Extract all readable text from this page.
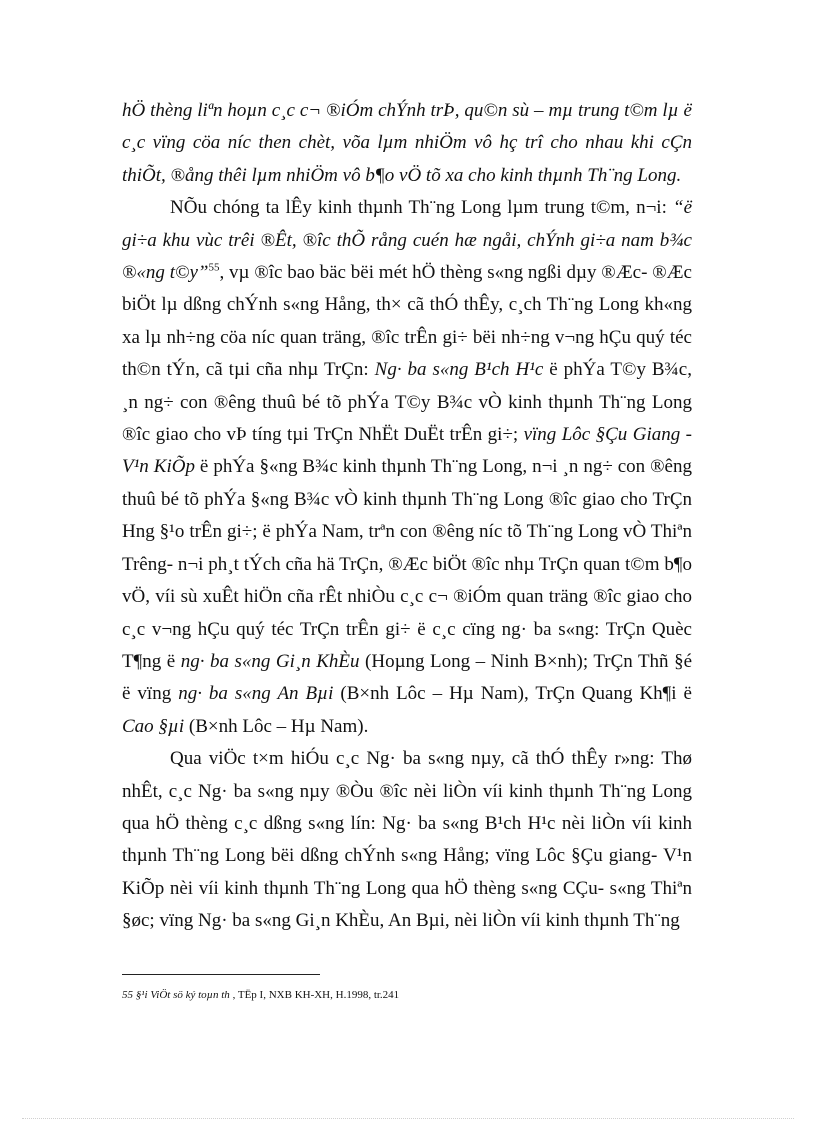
hÖ thèng liªn hoµn c¸c c¬ ®iÓm chÝnh trÞ, qu©n sù – mµ trung t©m lµ ë c¸c vïng cöa níc then chèt, võa lµm nhiÖm vô hç trî cho nhau khi cÇn thiÕt, ®ång thêi lµm nhiÖm vô b¶o vÖ tõ xa cho kinh thµnh Th¨ng Long.

NÕu chóng ta lÊy kinh thµnh Th¨ng Long lµm trung t©m, n¬i: “ë gi÷a khu vùc trêi ®Êt, ®îc thÕ rång cuén hæ ngåi, chÝnh gi÷a nam b¾c ®«ng t©y”$^{55}$, vµ ®îc bao bäc bëi mét hÖ thèng s«ng ngßi dµy ®Æc- ®Æc biÖt lµ dßng chÝnh s«ng Hång, th× cã thÓ thÊy, c¸ch Th¨ng Long kh«ng xa lµ nh÷ng cöa níc quan träng, ®îc trÊn gi÷ bëi nh÷ng v¬ng hÇu quý téc th©n tÝn, cã tµi cña nhµ TrÇn: Ng· ba s«ng B¹ch H¹c ë phÝa T©y B¾c, ¸n ng÷ con ®êng thuû bé tõ phÝa T©y B¾c vÒ kinh thµnh Th¨ng Long ®îc giao cho vÞ tíng tµi TrÇn NhËt DuËt trÊn gi÷; vïng Lôc §Çu Giang - V¹n KiÕp ë phÝa §«ng B¾c kinh thµnh Th¨ng Long, n¬i ¸n ng÷ con ®êng thuû bé tõ phÝa §«ng B¾c vÒ kinh thµnh Th¨ng Long ®îc giao cho TrÇn Hng §¹o trÊn gi÷; ë phÝa Nam, trªn con ®êng níc tõ Th¨ng Long vÒ Thiªn Trêng- n¬i ph¸t tÝch cña hä TrÇn, ®Æc biÖt ®îc nhµ TrÇn quan t©m b¶o vÖ, víi sù xuÊt hiÖn cña rÊt nhiÒu c¸c c¬ ®iÓm quan träng ®îc giao cho c¸c v¬ng hÇu quý téc TrÇn trÊn gi÷ ë c¸c cïng ng· ba s«ng: TrÇn Quèc T¶ng ë ng· ba s«ng Gi¸n KhÈu (Hoµng Long – Ninh B×nh); TrÇn Thñ §é ë vïng ng· ba s«ng An Bµi (B×nh Lôc – Hµ Nam), TrÇn Quang Kh¶i ë Cao §µi (B×nh Lôc – Hµ Nam).

Qua viÖc t×m hiÓu c¸c Ng· ba s«ng nµy, cã thÓ thÊy r»ng: Thø nhÊt, c¸c Ng· ba s«ng nµy ®Òu ®îc nèi liÒn víi kinh thµnh Th¨ng Long qua hÖ thèng c¸c dßng s«ng lín: Ng· ba s«ng B¹ch H¹c nèi liÒn víi kinh thµnh Th¨ng Long bëi dßng chÝnh s«ng Hång; vïng Lôc §Çu giang- V¹n KiÕp nèi víi kinh thµnh Th¨ng Long qua hÖ thèng s«ng CÇu- s«ng Thiªn §øc; vïng Ng· ba s«ng Gi¸n KhÈu, An Bµi, nèi liÒn víi kinh thµnh Th¨ng

55 §¹i ViÖt sö ký toµn th , TËp I, NXB KH-XH, H.1998, tr.241
